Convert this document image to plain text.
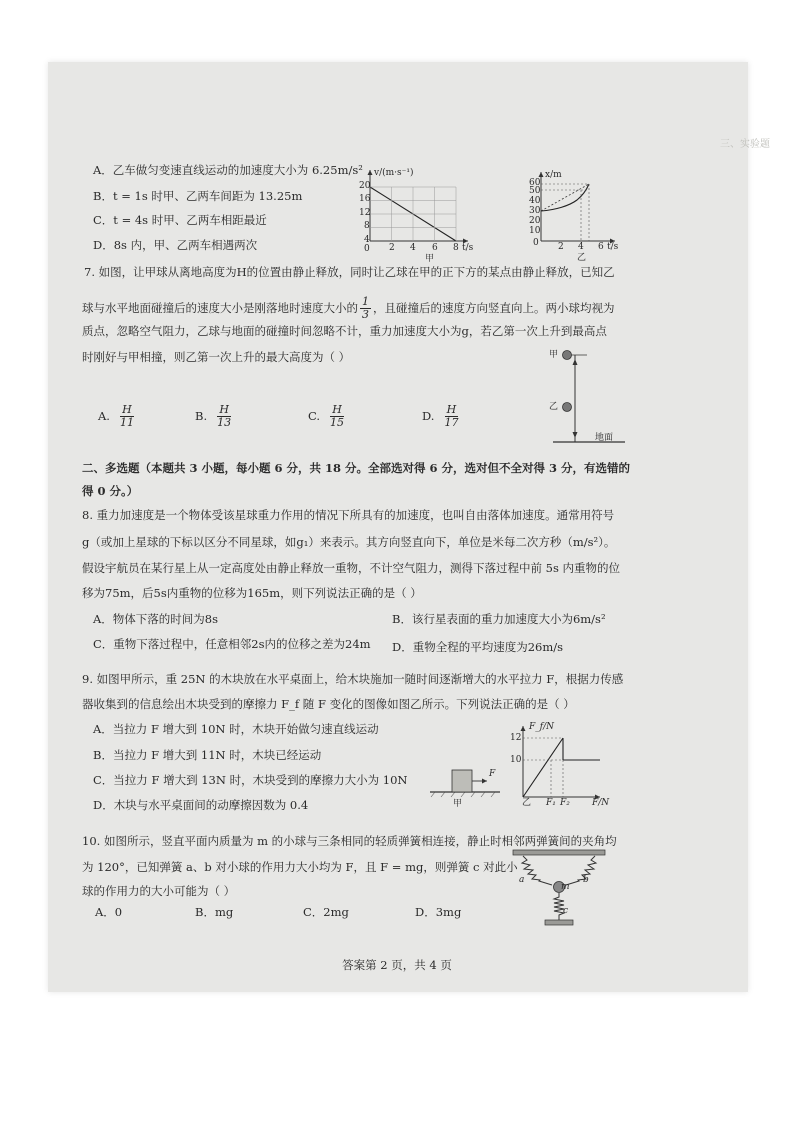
三、实验题
A．乙车做匀变速直线运动的加速度大小为 6.25m/s²
B．t = 1s 时甲、乙两车间距为 13.25m
C．t = 4s 时甲、乙两车相距最近
D．8s 内，甲、乙两车相遇两次
v/(m·s⁻¹)
20
16
12
8
4
0 2 4 6 8 t/s
甲
x/m
60
50
40
30
20
10
0 2 4 6 t/s
乙
7. 如图，让甲球从离地高度为H的位置由静止释放，同时让乙球在甲的正下方的某点由静止释放，已知乙
球与水平地面碰撞后的速度大小是刚落地时速度大小的 $\frac{1}{3}$ ，且碰撞后的速度方向竖直向上。两小球均视为
质点，忽略空气阻力，乙球与地面的碰撞时间忽略不计，重力加速度大小为g，若乙第一次上升到最高点
时刚好与甲相撞，则乙第一次上升的最大高度为（ ）
A. $\frac{H}{11}$	B. $\frac{H}{13}$	C. $\frac{H}{15}$	D. $\frac{H}{17}$
甲
乙
地面
二、多选题（本题共 3 小题，每小题 6 分，共 18 分。全部选对得 6 分，选对但不全对得 3 分，有选错的
得 0 分。）
8. 重力加速度是一个物体受该星球重力作用的情况下所具有的加速度，也叫自由落体加速度。通常用符号
g（或加上星球的下标以区分不同星球，如g₁）来表示。其方向竖直向下，单位是米每二次方秒（m/s²）。
假设宇航员在某行星上从一定高度处由静止释放一重物，不计空气阻力，测得下落过程中前 5s 内重物的位
移为75m，后5s内重物的位移为165m，则下列说法正确的是（ ）
A．物体下落的时间为8s	B．该行星表面的重力加速度大小为6m/s²
C．重物下落过程中，任意相邻2s内的位移之差为24m D．重物全程的平均速度为26m/s
9. 如图甲所示，重 25N 的木块放在水平桌面上，给木块施加一随时间逐渐增大的水平拉力 F，根据力传感
器收集到的信息绘出木块受到的摩擦力 F_f 随 F 变化的图像如图乙所示。下列说法正确的是（ ）
A．当拉力 F 增大到 10N 时，木块开始做匀速直线运动
B．当拉力 F 增大到 11N 时，木块已经运动
C．当拉力 F 增大到 13N 时，木块受到的摩擦力大小为 10N
D．木块与水平桌面间的动摩擦因数为 0.4
F
甲
F_f/N
12
10
F₁ F₂ F/N
乙
10. 如图所示，竖直平面内质量为 m 的小球与三条相同的轻质弹簧相连接，静止时相邻两弹簧间的夹角均
为 120°，已知弹簧 a、b 对小球的作用力大小均为 F，且 F = mg，则弹簧 c 对此小
球的作用力的大小可能为（ ）
A．0	B．mg	C．2mg	D．3mg
a	b
m
c
答案第 2 页，共 4 页
